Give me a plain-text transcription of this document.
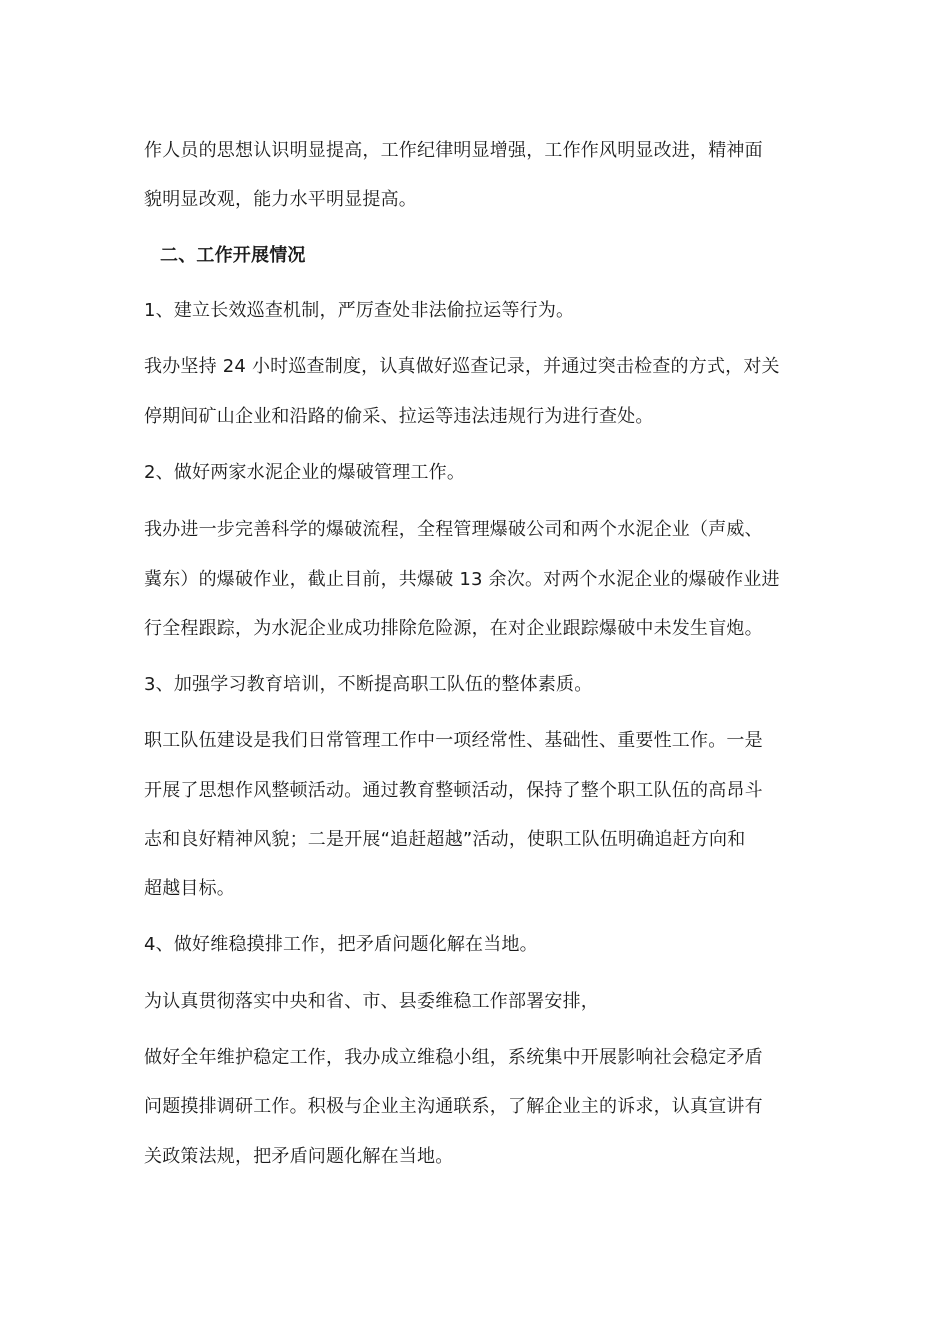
作人员的思想认识明显提高，工作纪律明显增强，工作作风明显改进，精神面
貌明显改观，能力水平明显提高。
二、工作开展情况
1、建立长效巡查机制，严厉查处非法偷拉运等行为。
我办坚持 24 小时巡查制度，认真做好巡查记录，并通过突击检查的方式，对关
停期间矿山企业和沿路的偷采、拉运等违法违规行为进行查处。
2、做好两家水泥企业的爆破管理工作。
我办进一步完善科学的爆破流程，全程管理爆破公司和两个水泥企业（声威、
冀东）的爆破作业，截止目前，共爆破 13 余次。对两个水泥企业的爆破作业进
行全程跟踪，为水泥企业成功排除危险源，在对企业跟踪爆破中未发生盲炮。
3、加强学习教育培训，不断提高职工队伍的整体素质。
职工队伍建设是我们日常管理工作中一项经常性、基础性、重要性工作。一是
开展了思想作风整顿活动。通过教育整顿活动，保持了整个职工队伍的高昂斗
志和良好精神风貌；二是开展“追赶超越”活动，使职工队伍明确追赶方向和
超越目标。
4、做好维稳摸排工作，把矛盾问题化解在当地。
为认真贯彻落实中央和省、市、县委维稳工作部署安排，
做好全年维护稳定工作，我办成立维稳小组，系统集中开展影响社会稳定矛盾
问题摸排调研工作。积极与企业主沟通联系，了解企业主的诉求，认真宣讲有
关政策法规，把矛盾问题化解在当地。
